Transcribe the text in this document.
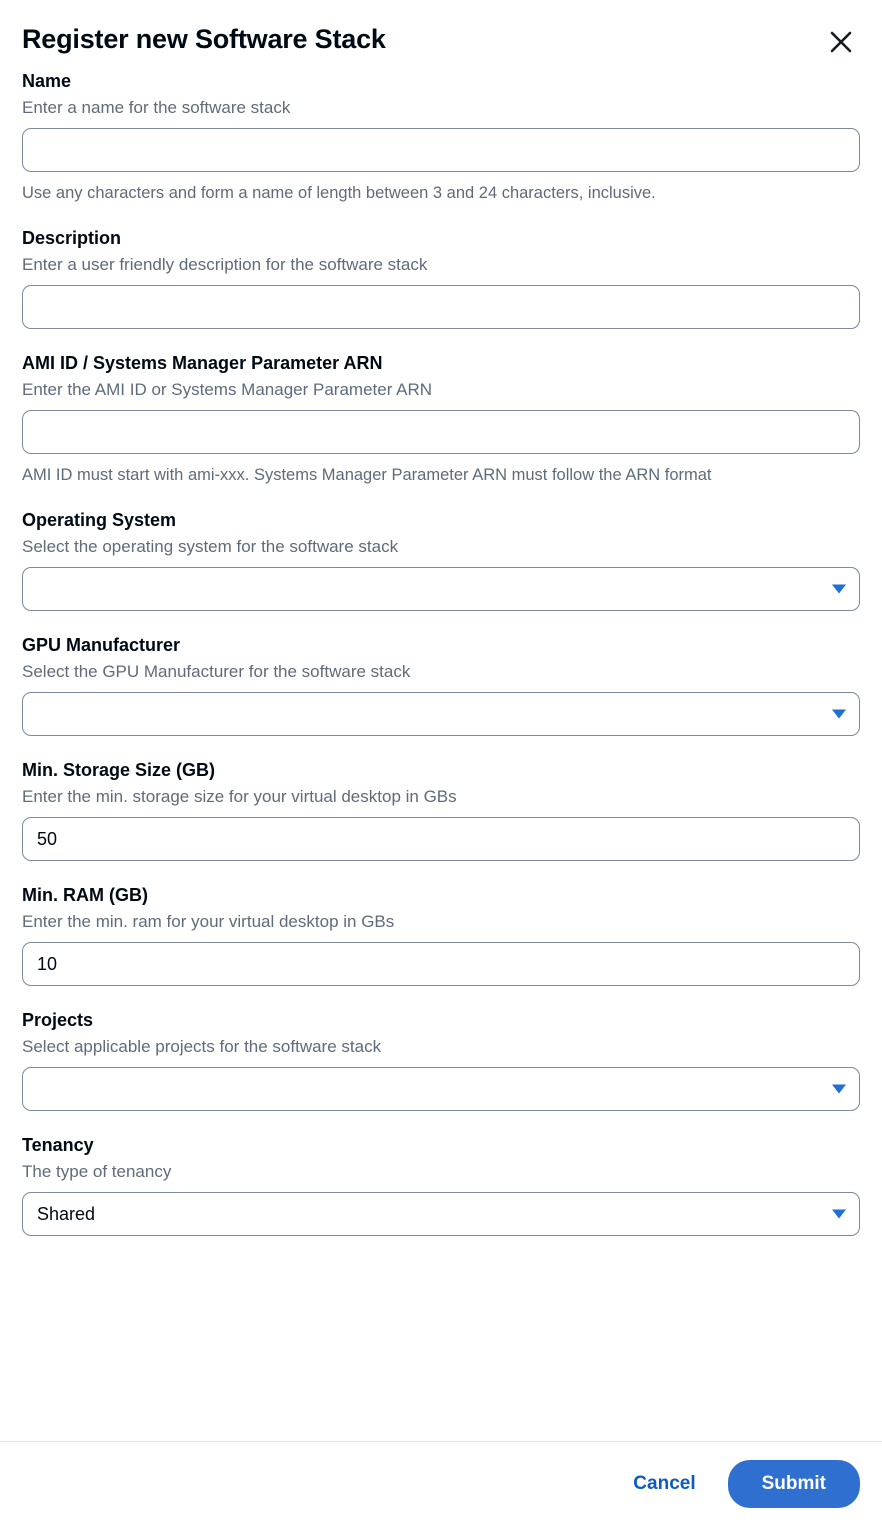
Register new Software Stack
Name
Enter a name for the software stack
Use any characters and form a name of length between 3 and 24 characters, inclusive.
Description
Enter a user friendly description for the software stack
AMI ID / Systems Manager Parameter ARN
Enter the AMI ID or Systems Manager Parameter ARN
AMI ID must start with ami-xxx. Systems Manager Parameter ARN must follow the ARN format
Operating System
Select the operating system for the software stack
GPU Manufacturer
Select the GPU Manufacturer for the software stack
Min. Storage Size (GB)
Enter the min. storage size for your virtual desktop in GBs
50
Min. RAM (GB)
Enter the min. ram for your virtual desktop in GBs
10
Projects
Select applicable projects for the software stack
Tenancy
The type of tenancy
Shared
Cancel	Submit
